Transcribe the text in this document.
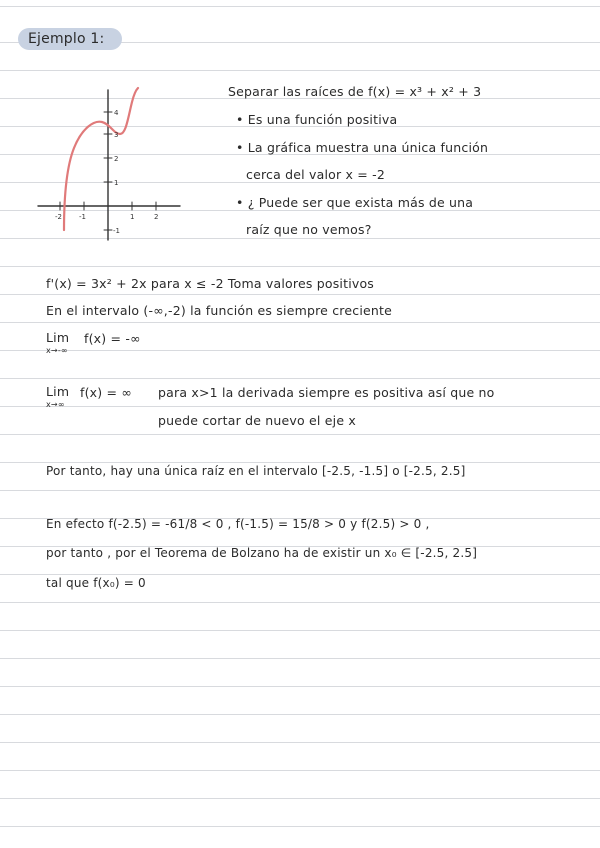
Ejemplo 1:
4
3
2
1
-1
-2 -1	1	2
Separar las raíces de f(x) = x³ + x² + 3
• Es una función positiva
• La gráfica muestra una única función
cerca del valor x = -2
• ¿ Puede ser que exista más de una
raíz que no vemos?
f'(x) = 3x² + 2x para x ≤ -2 Toma valores positivos
En el intervalo (-∞,-2) la función es siempre creciente
Lim
x→-∞
f(x) = -∞
Lim
x→∞
f(x) = ∞ para x>1 la derivada siempre es positiva así que no
puede cortar de nuevo el eje x
Por tanto, hay una única raíz en el intervalo [-2.5, -1.5] o [-2.5, 2.5]
En efecto f(-2.5) = -61/8 < 0 , f(-1.5) = 15/8 > 0 y f(2.5) > 0 ,
por tanto , por el Teorema de Bolzano ha de existir un x₀ ∈ [-2.5, 2.5]
tal que f(x₀) = 0
